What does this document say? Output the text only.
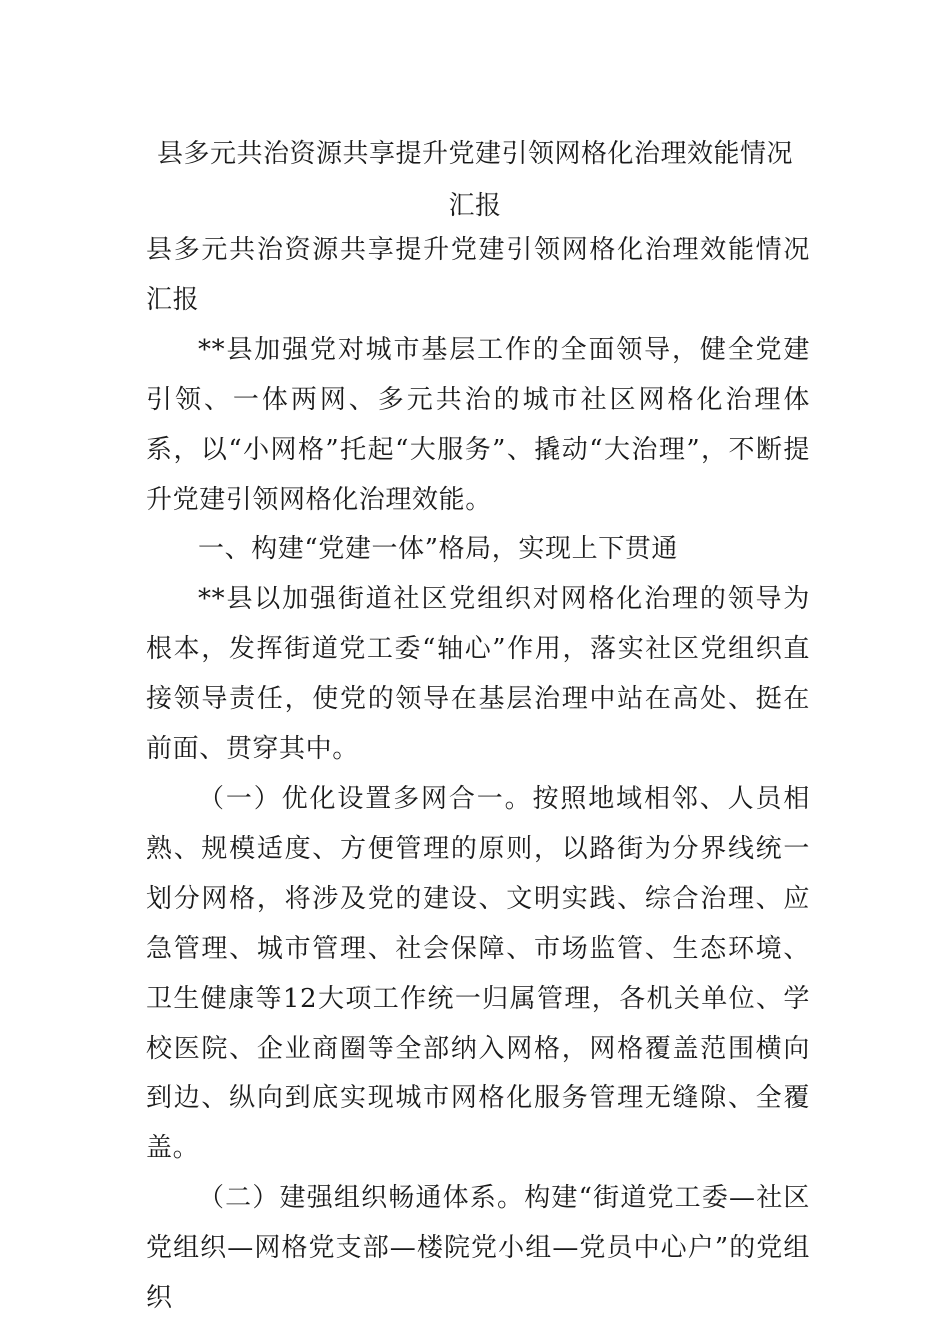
县多元共治资源共享提升党建引领网格化治理效能情况汇报

县多元共治资源共享提升党建引领网格化治理效能情况汇报

**县加强党对城市基层工作的全面领导，健全党建引领、一体两网、多元共治的城市社区网格化治理体系，以“小网格”托起“大服务”、撬动“大治理”，不断提升党建引领网格化治理效能。

一、构建“党建一体”格局，实现上下贯通

**县以加强街道社区党组织对网格化治理的领导为根本，发挥街道党工委“轴心”作用，落实社区党组织直接领导责任，使党的领导在基层治理中站在高处、挺在前面、贯穿其中。

（一）优化设置多网合一。按照地域相邻、人员相熟、规模适度、方便管理的原则，以路街为分界线统一划分网格，将涉及党的建设、文明实践、综合治理、应急管理、城市管理、社会保障、市场监管、生态环境、卫生健康等12大项工作统一归属管理，各机关单位、学校医院、企业商圈等全部纳入网格，网格覆盖范围横向到边、纵向到底实现城市网格化服务管理无缝隙、全覆盖。

（二）建强组织畅通体系。构建“街道党工委—社区党组织—网格党支部—楼院党小组—党员中心户”的党组织
